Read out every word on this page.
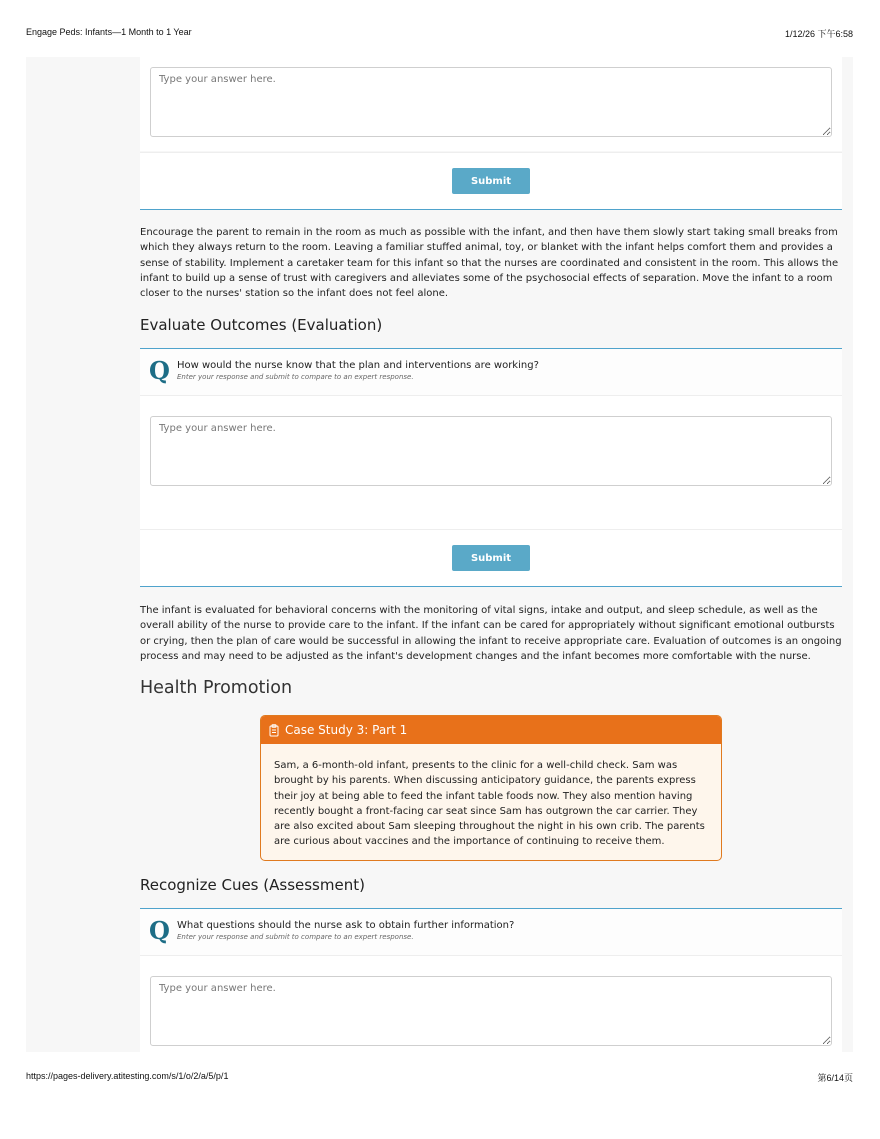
Engage Peds: Infants—1 Month to 1 Year	1/12/26 下午6:58
Type your answer here.
Submit

Encourage the parent to remain in the room as much as possible with the infant, and then have them slowly start taking small breaks from which they always return to the room. Leaving a familiar stuffed animal, toy, or blanket with the infant helps comfort them and provides a sense of stability. Implement a caretaker team for this infant so that the nurses are coordinated and consistent in the room. This allows the infant to build up a sense of trust with caregivers and alleviates some of the psychosocial effects of separation. Move the infant to a room closer to the nurses' station so the infant does not feel alone.

Evaluate Outcomes (Evaluation)
Q How would the nurse know that the plan and interventions are working?
Enter your response and submit to compare to an expert response.
Type your answer here.
Submit

The infant is evaluated for behavioral concerns with the monitoring of vital signs, intake and output, and sleep schedule, as well as the overall ability of the nurse to provide care to the infant. If the infant can be cared for appropriately without significant emotional outbursts or crying, then the plan of care would be successful in allowing the infant to receive appropriate care. Evaluation of outcomes is an ongoing process and may need to be adjusted as the infant's development changes and the infant becomes more comfortable with the nurse.

Health Promotion
Case Study 3: Part 1
Sam, a 6-month-old infant, presents to the clinic for a well-child check. Sam was brought by his parents. When discussing anticipatory guidance, the parents express their joy at being able to feed the infant table foods now. They also mention having recently bought a front-facing car seat since Sam has outgrown the car carrier. They are also excited about Sam sleeping throughout the night in his own crib. The parents are curious about vaccines and the importance of continuing to receive them.
Recognize Cues (Assessment)
Q What questions should the nurse ask to obtain further information?
Enter your response and submit to compare to an expert response.
Type your answer here.
https://pages-delivery.atitesting.com/s/1/o/2/a/5/p/1	第6/14页
